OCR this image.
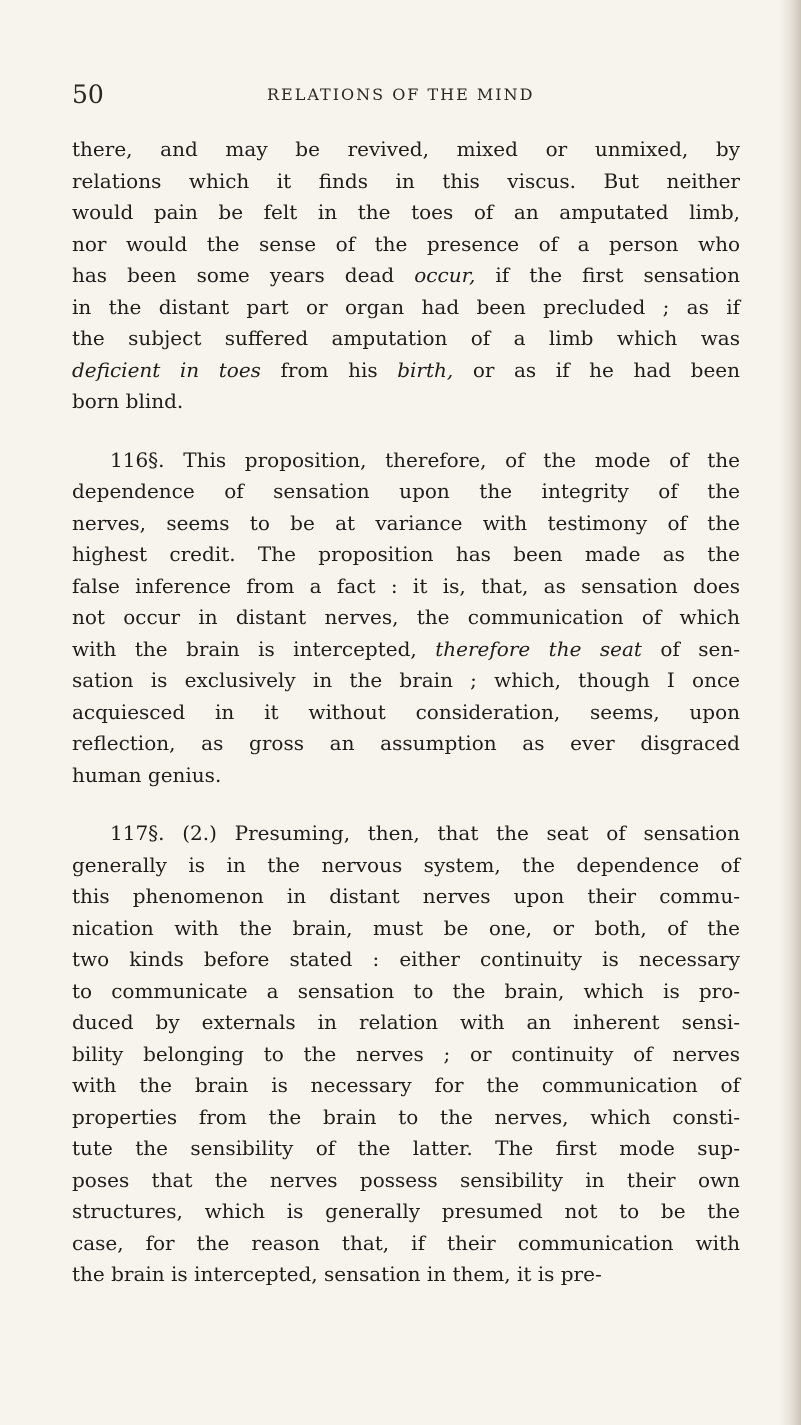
50	RELATIONS OF THE MIND
there, and may be revived, mixed or unmixed, by
relations which it finds in this viscus. But neither
would pain be felt in the toes of an amputated limb,
nor would the sense of the presence of a person who
has been some years dead occur, if the first sensation
in the distant part or organ had been precluded ; as if
the subject suffered amputation of a limb which was
deficient in toes from his birth, or as if he had been
born blind.
116§. This proposition, therefore, of the mode of the
dependence of sensation upon the integrity of the
nerves, seems to be at variance with testimony of the
highest credit. The proposition has been made as the
false inference from a fact : it is, that, as sensation does
not occur in distant nerves, the communication of which
with the brain is intercepted, therefore the seat of sen-
sation is exclusively in the brain ; which, though I once
acquiesced in it without consideration, seems, upon
reflection, as gross an assumption as ever disgraced
human genius.
117§. (2.) Presuming, then, that the seat of sensation
generally is in the nervous system, the dependence of
this phenomenon in distant nerves upon their commu-
nication with the brain, must be one, or both, of the
two kinds before stated : either continuity is necessary
to communicate a sensation to the brain, which is pro-
duced by externals in relation with an inherent sensi-
bility belonging to the nerves ; or continuity of nerves
with the brain is necessary for the communication of
properties from the brain to the nerves, which consti-
tute the sensibility of the latter. The first mode sup-
poses that the nerves possess sensibility in their own
structures, which is generally presumed not to be the
case, for the reason that, if their communication with
the brain is intercepted, sensation in them, it is pre-
